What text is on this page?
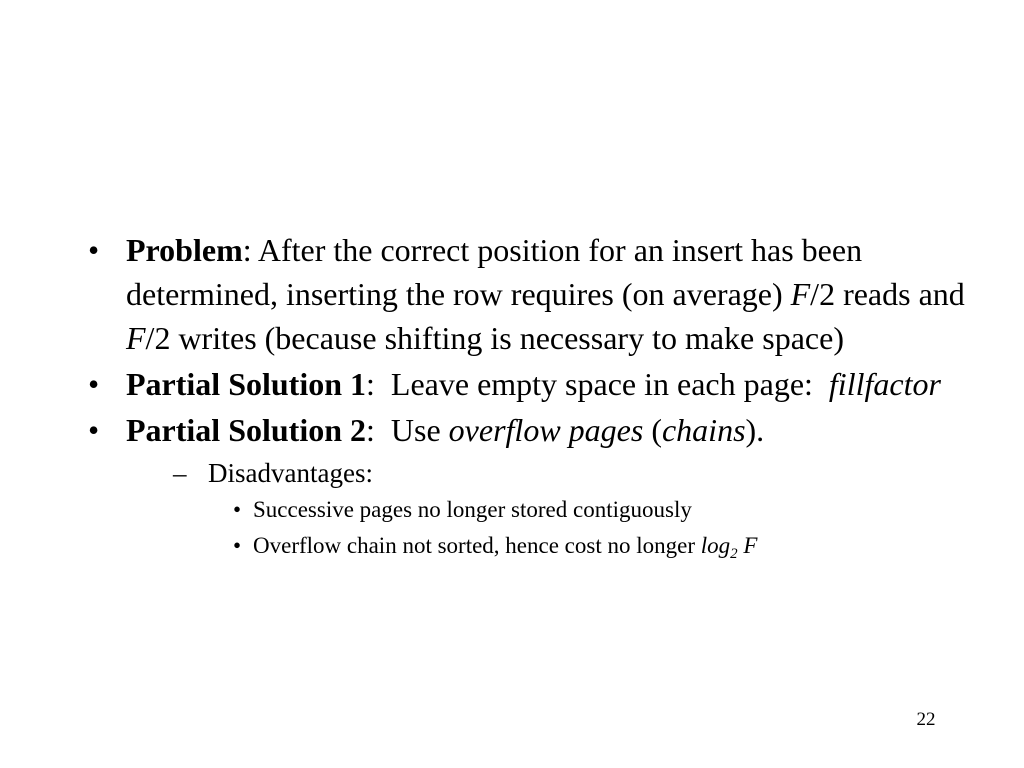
• Problem: After the correct position for an insert has been determined, inserting the row requires (on average) F/2 reads and F/2 writes (because shifting is necessary to make space)
• Partial Solution 1:  Leave empty space in each page:  fillfactor
• Partial Solution 2:  Use overflow pages (chains).
– Disadvantages:
• Successive pages no longer stored contiguously
• Overflow chain not sorted, hence cost no longer $\log_2 F$
22
